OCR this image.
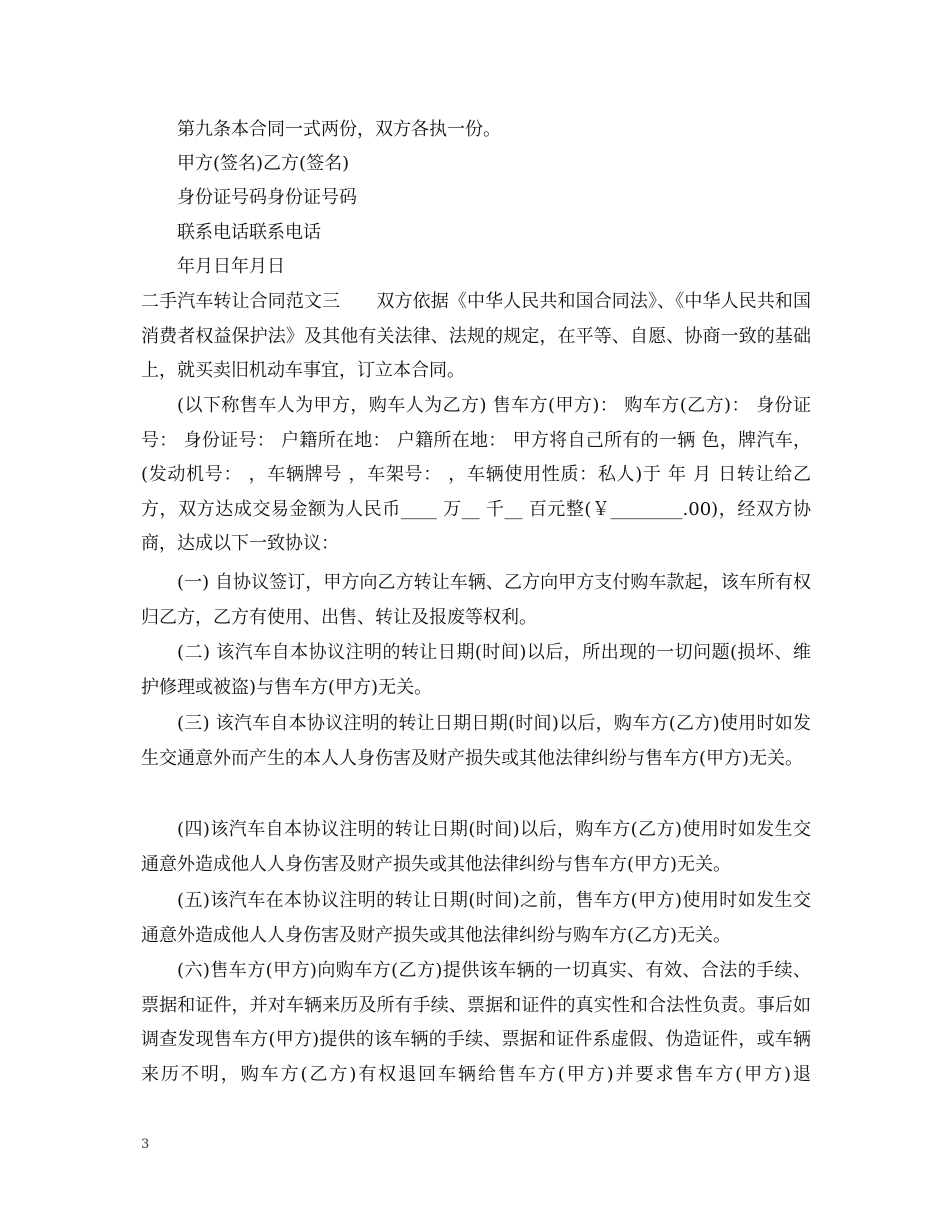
第九条本合同一式两份，双方各执一份。

甲方(签名)乙方(签名)

身份证号码身份证号码

联系电话联系电话

年月日年月日

二手汽车转让合同范文三　　双方依据《中华人民共和国合同法》、《中华人民共和国消费者权益保护法》及其他有关法律、法规的规定，在平等、自愿、协商一致的基础上，就买卖旧机动车事宜，订立本合同。

(以下称售车人为甲方，购车人为乙方) 售车方(甲方)： 购车方(乙方)： 身份证号： 身份证号： 户籍所在地： 户籍所在地： 甲方将自己所有的一辆 色，牌汽车，(发动机号： ，车辆牌号 ，车架号： ，车辆使用性质：私人)于 年 月 日转让给乙方，双方达成交易金额为人民币____ 万__ 千__ 百元整(￥________.00)，经双方协商，达成以下一致协议：

(一) 自协议签订，甲方向乙方转让车辆、乙方向甲方支付购车款起，该车所有权归乙方，乙方有使用、出售、转让及报废等权利。

(二) 该汽车自本协议注明的转让日期(时间)以后，所出现的一切问题(损坏、维护修理或被盗)与售车方(甲方)无关。

(三) 该汽车自本协议注明的转让日期日期(时间)以后，购车方(乙方)使用时如发生交通意外而产生的本人人身伤害及财产损失或其他法律纠纷与售车方(甲方)无关。

(四)该汽车自本协议注明的转让日期(时间)以后，购车方(乙方)使用时如发生交通意外造成他人人身伤害及财产损失或其他法律纠纷与售车方(甲方)无关。

(五)该汽车在本协议注明的转让日期(时间)之前，售车方(甲方)使用时如发生交通意外造成他人人身伤害及财产损失或其他法律纠纷与购车方(乙方)无关。

(六)售车方(甲方)向购车方(乙方)提供该车辆的一切真实、有效、合法的手续、票据和证件，并对车辆来历及所有手续、票据和证件的真实性和合法性负责。事后如调查发现售车方(甲方)提供的该车辆的手续、票据和证件系虚假、伪造证件，或车辆来历不明，购车方(乙方)有权退回车辆给售车方(甲方)并要求售车方(甲方)退

3
